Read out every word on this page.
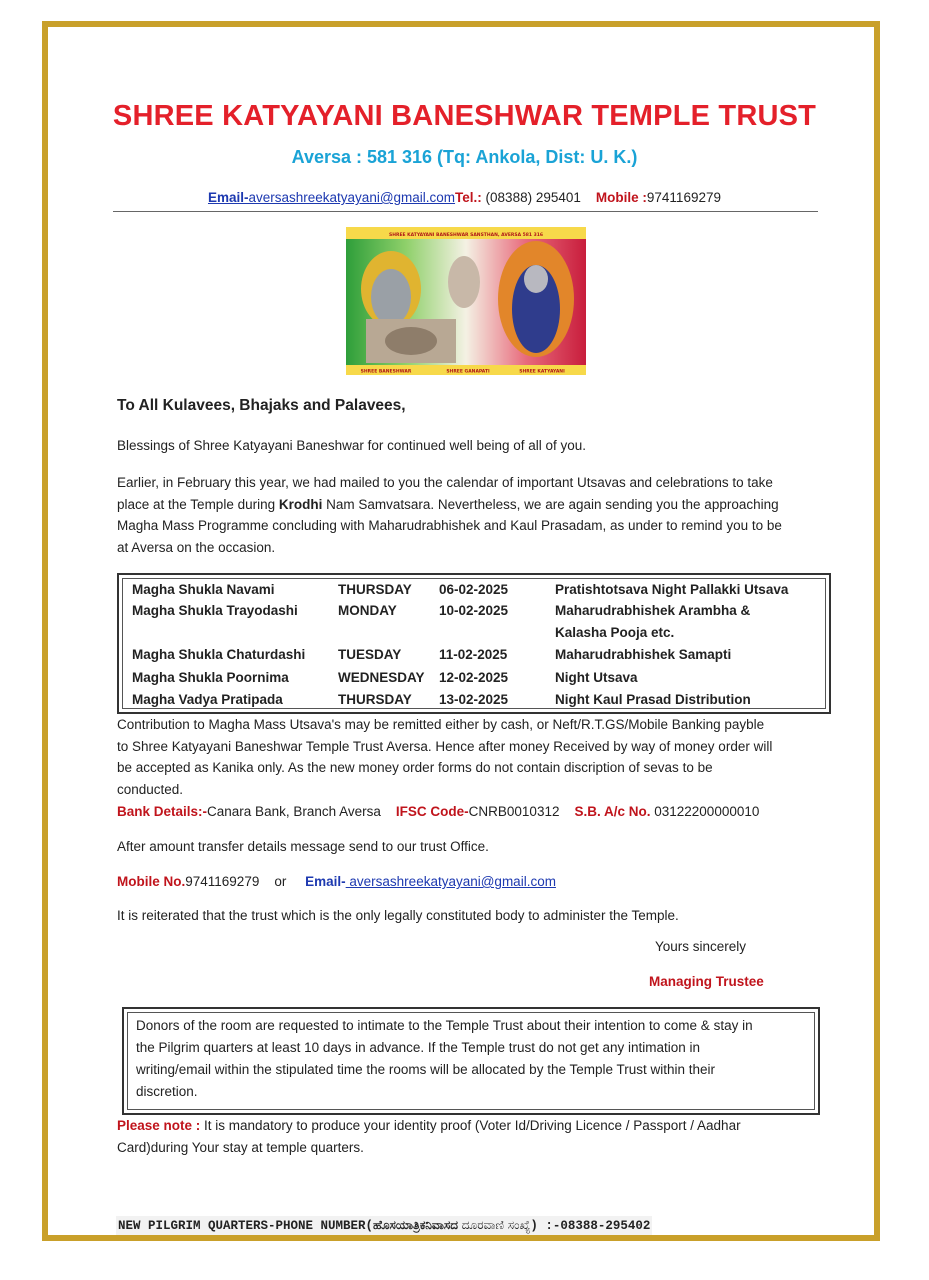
SHREE KATYAYANI BANESHWAR TEMPLE TRUST
Aversa : 581 316 (Tq: Ankola, Dist: U. K.)
Email-aversashreekatyayani@gmail.comTel.: (08388) 295401 Mobile :9741169279
SHREE KATYAYANI BANESHWAR SANSTHAN, AVERSA 581 316
SHREE BANESHWAR	SHREE GANAPATI	SHREE KATYAYANI
To All Kulavees, Bhajaks and Palavees,
Blessings of Shree Katyayani Baneshwar for continued well being of all of you.
Earlier, in February this year, we had mailed to you the calendar of important Utsavas and celebrations to take
place at the Temple during Krodhi Nam Samvatsara. Nevertheless, we are again sending you the approaching
Magha Mass Programme concluding with Maharudrabhishek and Kaul Prasadam, as under to remind you to be
at Aversa on the occasion.
Magha Shukla Navami	THURSDAY 06-02-2025	Pratishtotsava Night Pallakki Utsava
Magha Shukla Trayodashi	MONDAY	10-02-2025	Maharudrabhishek Arambha &
Kalasha Pooja etc.
Magha Shukla Chaturdashi TUESDAY	11-02-2025	Maharudrabhishek Samapti
Magha Shukla Poornima	WEDNESDAY 12-02-2025	Night Utsava
Magha Vadya Pratipada	THURSDAY 13-02-2025	Night Kaul Prasad Distribution
Contribution to Magha Mass Utsava's may be remitted either by cash, or Neft/R.T.GS/Mobile Banking payble
to Shree Katyayani Baneshwar Temple Trust Aversa. Hence after money Received by way of money order will
be accepted as Kanika only. As the new money order forms do not contain discription of sevas to be
conducted.
Bank Details:-Canara Bank, Branch Aversa IFSC Code-CNRB0010312 S.B. A/c No. 03122200000010
After amount transfer details message send to our trust Office.
Mobile No.9741169279 or Email- aversashreekatyayani@gmail.com
It is reiterated that the trust which is the only legally constituted body to administer the Temple.
Yours sincerely
Managing Trustee
Donors of the room are requested to intimate to the Temple Trust about their intention to come & stay in
the Pilgrim quarters at least 10 days in advance. If the Temple trust do not get any intimation in
writing/email within the stipulated time the rooms will be allocated by the Temple Trust within their
discretion.
Please note : It is mandatory to produce your identity proof (Voter Id/Driving Licence / Passport / Aadhar
Card)during Your stay at temple quarters.
NEW PILGRIM QUARTERS-PHONE NUMBER(ಹೊಸಯಾತ್ರಿಕನಿವಾಸದ ದೂರವಾಣಿ ಸಂಖ್ಯೆ) :-08388-295402
